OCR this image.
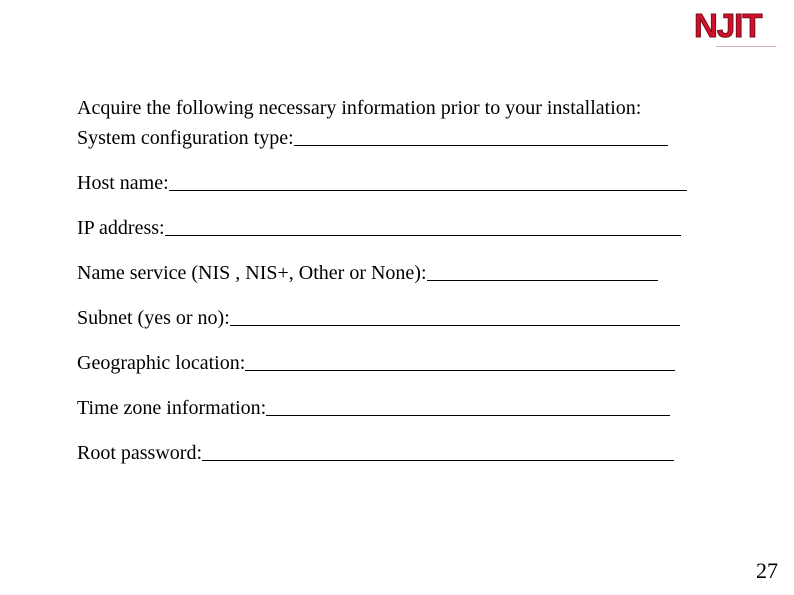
NJIT
Acquire the following necessary information prior to your installation:
System configuration type:
Host name:
IP address:
Name service (NIS , NIS+, Other or None):
Subnet (yes or no):
Geographic location:
Time zone information:
Root password:
27
